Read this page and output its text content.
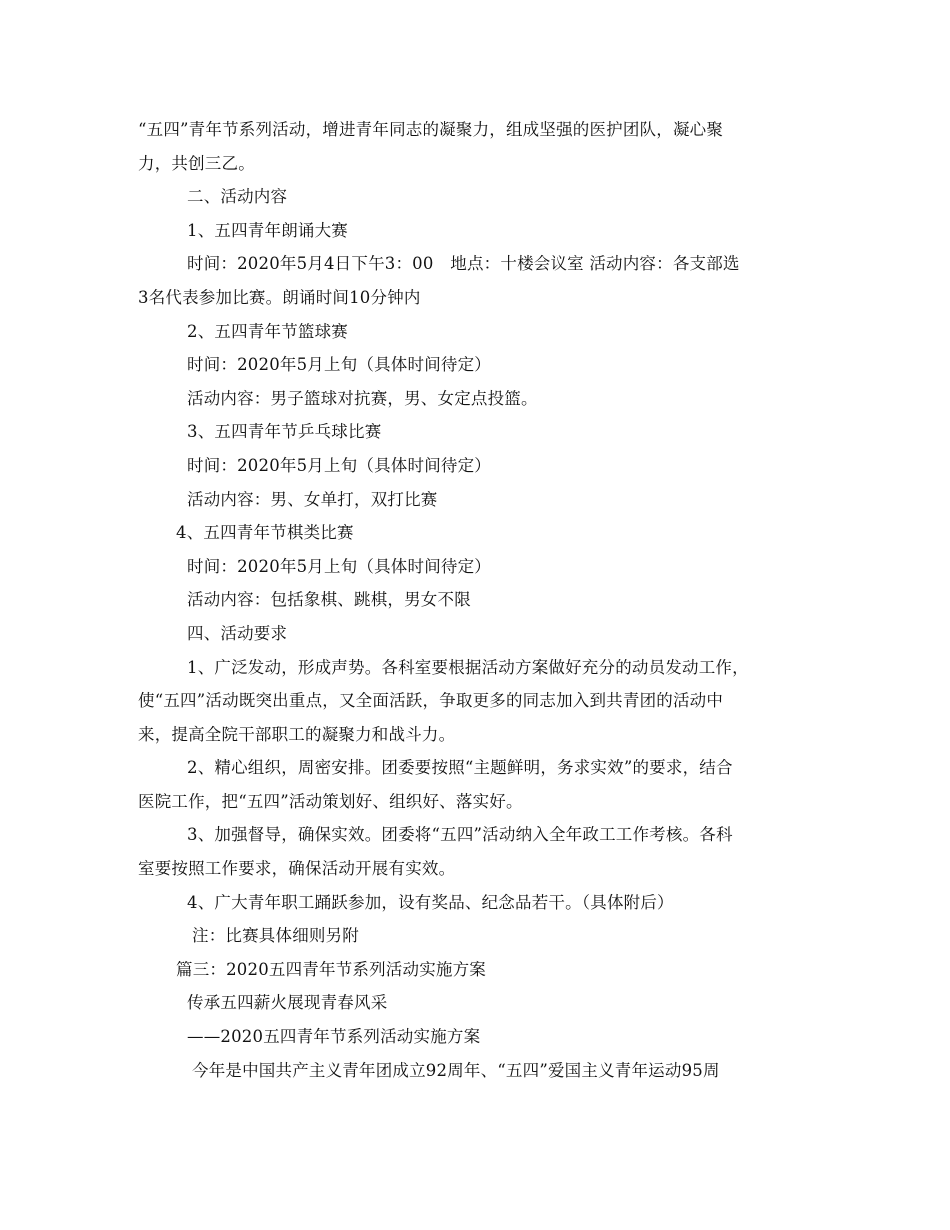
“五四”青年节系列活动，增进青年同志的凝聚力，组成坚强的医护团队，凝心聚
力，共创三乙。
二、活动内容
1、五四青年朗诵大赛
时间：2020年5月4日下午3：00　地点：十楼会议室 活动内容：各支部选
3名代表参加比赛。朗诵时间10分钟内
2、五四青年节篮球赛
时间：2020年5月上旬（具体时间待定）
活动内容：男子篮球对抗赛，男、女定点投篮。
3、五四青年节乒乓球比赛
时间：2020年5月上旬（具体时间待定）
活动内容：男、女单打，双打比赛
4、五四青年节棋类比赛
时间：2020年5月上旬（具体时间待定）
活动内容：包括象棋、跳棋，男女不限
四、活动要求
1、广泛发动，形成声势。各科室要根据活动方案做好充分的动员发动工作，
使“五四”活动既突出重点，又全面活跃，争取更多的同志加入到共青团的活动中
来，提高全院干部职工的凝聚力和战斗力。
2、精心组织，周密安排。团委要按照“主题鲜明，务求实效”的要求，结合
医院工作，把“五四”活动策划好、组织好、落实好。
3、加强督导，确保实效。团委将“五四”活动纳入全年政工工作考核。各科
室要按照工作要求，确保活动开展有实效。
4、广大青年职工踊跃参加，设有奖品、纪念品若干。（具体附后）
注：比赛具体细则另附
篇三：2020五四青年节系列活动实施方案
传承五四薪火展现青春风采
——2020五四青年节系列活动实施方案
今年是中国共产主义青年团成立92周年、“五四”爱国主义青年运动95周
